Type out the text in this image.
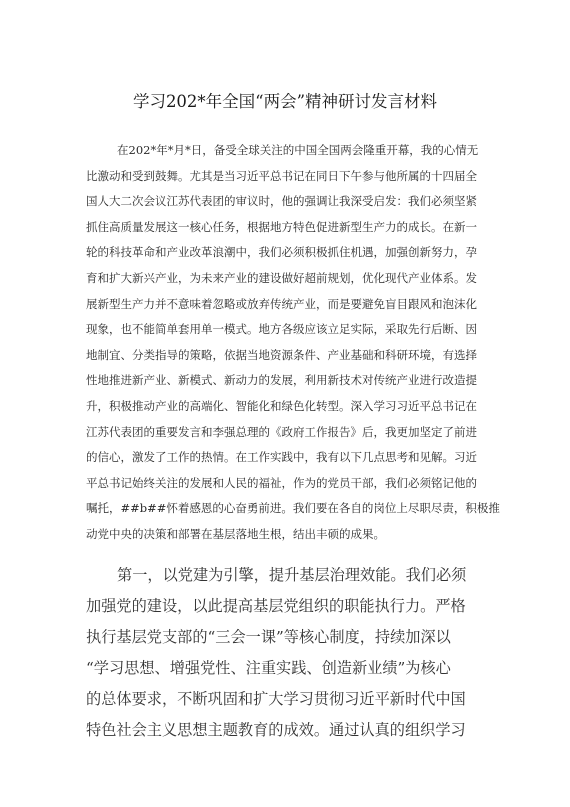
学习202*年全国“两会”精神研讨发言材料
在202*年*月*日，备受全球关注的中国全国两会隆重开幕，我的心情无
比激动和受到鼓舞。尤其是当习近平总书记在同日下午参与他所属的十四届全
国人大二次会议江苏代表团的审议时，他的强调让我深受启发：我们必须坚紧
抓住高质量发展这一核心任务，根据地方特色促进新型生产力的成长。在新一
轮的科技革命和产业改革浪潮中，我们必须积极抓住机遇，加强创新努力，孕
育和扩大新兴产业，为未来产业的建设做好超前规划，优化现代产业体系。发
展新型生产力并不意味着忽略或放弃传统产业，而是要避免盲目跟风和泡沫化
现象，也不能简单套用单一模式。地方各级应该立足实际，采取先行后断、因
地制宜、分类指导的策略，依据当地资源条件、产业基础和科研环境，有选择
性地推进新产业、新模式、新动力的发展，利用新技术对传统产业进行改造提
升，积极推动产业的高端化、智能化和绿色化转型。深入学习习近平总书记在
江苏代表团的重要发言和李强总理的《政府工作报告》后，我更加坚定了前进
的信心，激发了工作的热情。在工作实践中，我有以下几点思考和见解。习近
平总书记始终关注的发展和人民的福祉，作为的党员干部，我们必须铭记他的
嘱托，##b##怀着感恩的心奋勇前进。我们要在各自的岗位上尽职尽责，积极推
动党中央的决策和部署在基层落地生根，结出丰硕的成果。
第一，以党建为引擎，提升基层治理效能。我们必须
加强党的建设，以此提高基层党组织的职能执行力。严格
执行基层党支部的“三会一课”等核心制度，持续加深以
“学习思想、增强党性、注重实践、创造新业绩”为核心
的总体要求，不断巩固和扩大学习贯彻习近平新时代中国
特色社会主义思想主题教育的成效。通过认真的组织学习
